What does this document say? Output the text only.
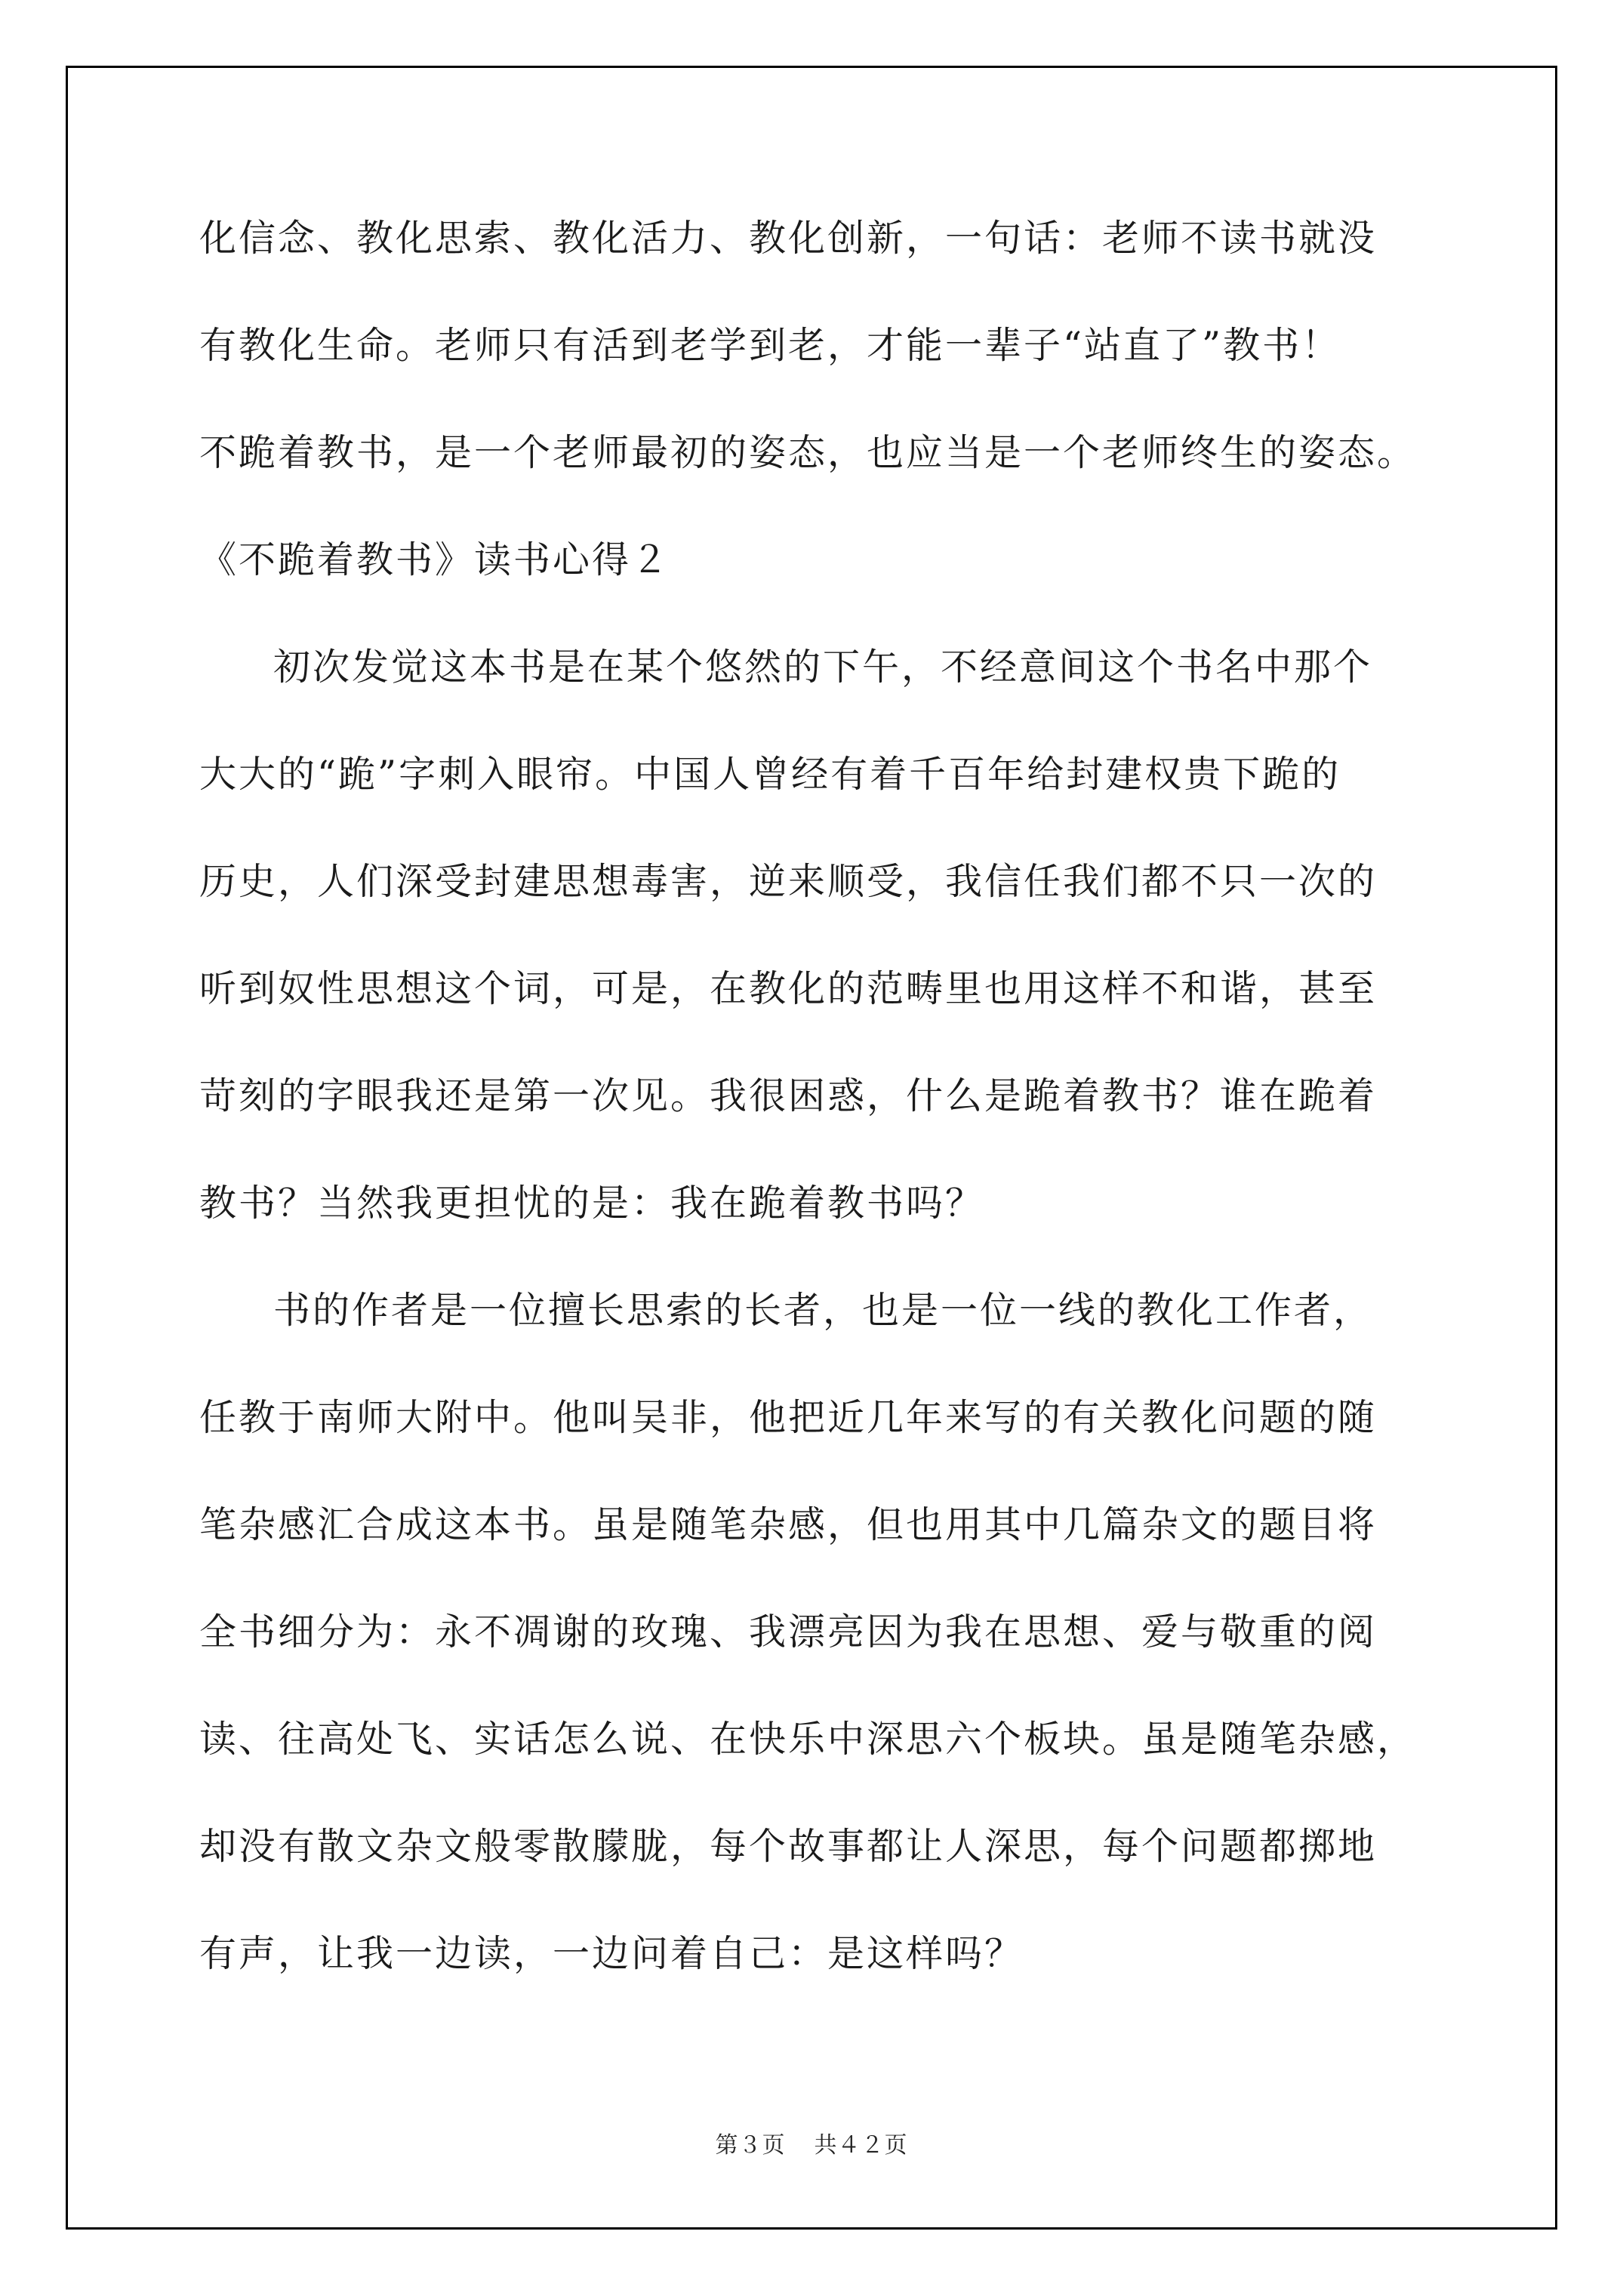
化信念、教化思索、教化活力、教化创新，一句话：老师不读书就没
有教化生命。老师只有活到老学到老，才能一辈子“站直了”教书！
不跪着教书，是一个老师最初的姿态，也应当是一个老师终生的姿态。
《不跪着教书》读书心得２
初次发觉这本书是在某个悠然的下午，不经意间这个书名中那个
大大的“跪”字刺入眼帘。中国人曾经有着千百年给封建权贵下跪的
历史，人们深受封建思想毒害，逆来顺受，我信任我们都不只一次的
听到奴性思想这个词，可是，在教化的范畴里也用这样不和谐，甚至
苛刻的字眼我还是第一次见。我很困惑，什么是跪着教书？谁在跪着
教书？当然我更担忧的是：我在跪着教书吗？
书的作者是一位擅长思索的长者，也是一位一线的教化工作者，
任教于南师大附中。他叫吴非，他把近几年来写的有关教化问题的随
笔杂感汇合成这本书。虽是随笔杂感，但也用其中几篇杂文的题目将
全书细分为：永不凋谢的玫瑰、我漂亮因为我在思想、爱与敬重的阅
读、往高处飞、实话怎么说、在快乐中深思六个板块。虽是随笔杂感，
却没有散文杂文般零散朦胧，每个故事都让人深思，每个问题都掷地
有声，让我一边读，一边问着自己：是这样吗？
第３页 共４２页
